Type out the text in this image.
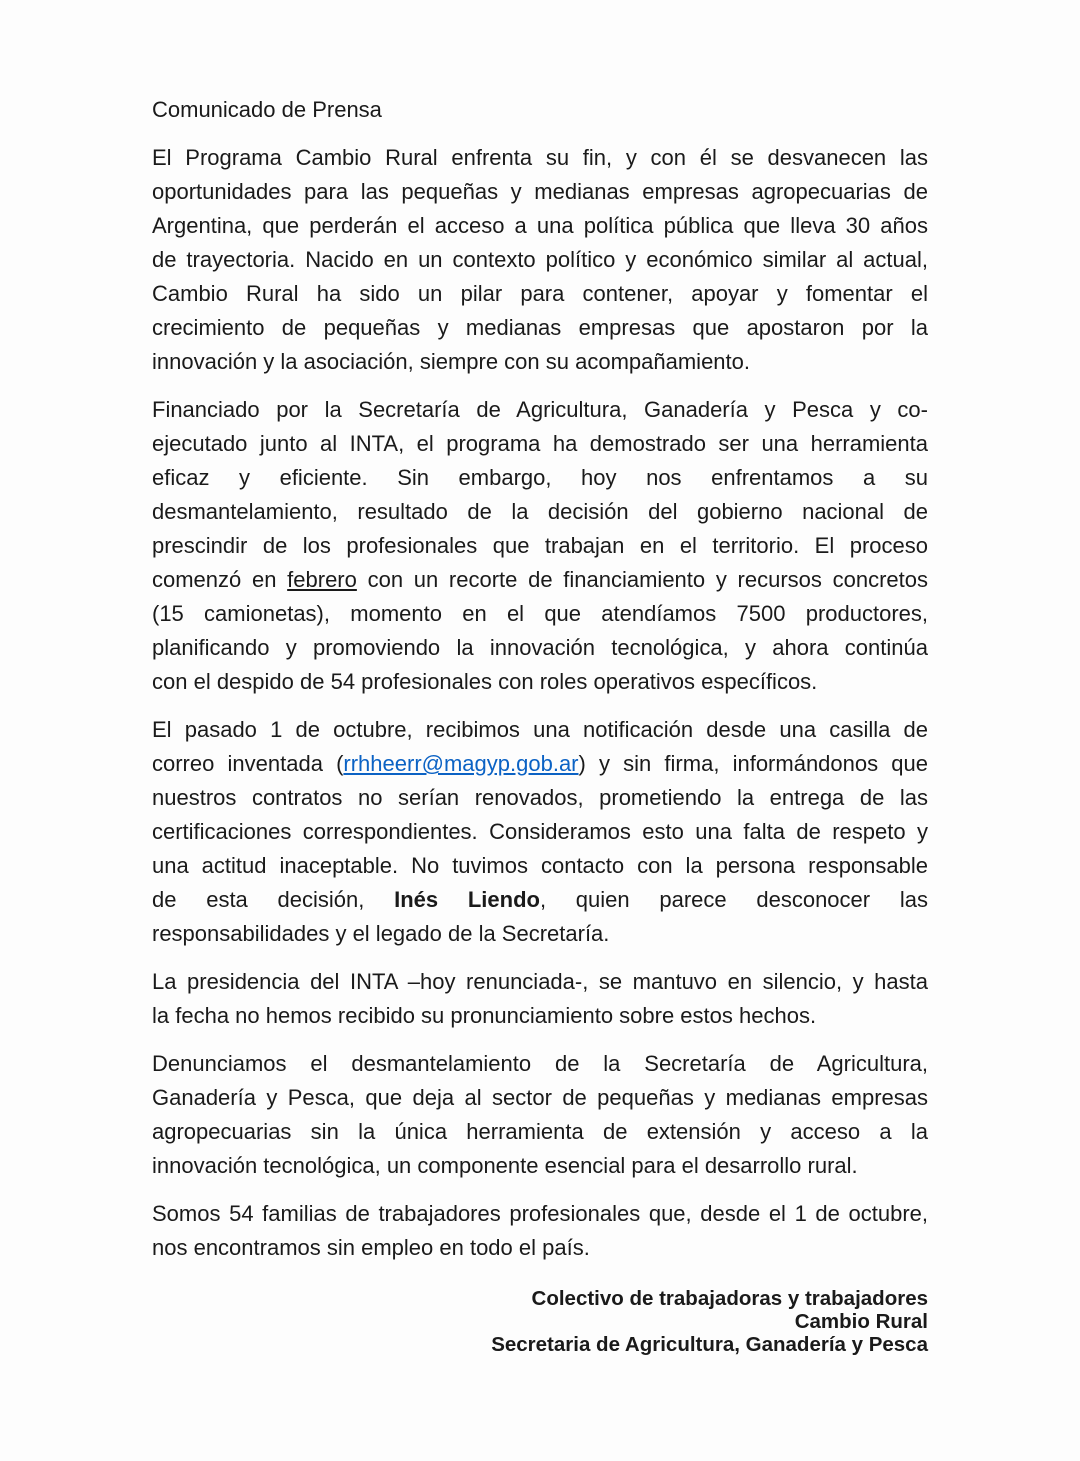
Comunicado de Prensa

El Programa Cambio Rural enfrenta su fin, y con él se desvanecen las
oportunidades para las pequeñas y medianas empresas agropecuarias de
Argentina, que perderán el acceso a una política pública que lleva 30 años
de trayectoria. Nacido en un contexto político y económico similar al actual,
Cambio Rural ha sido un pilar para contener, apoyar y fomentar el
crecimiento de pequeñas y medianas empresas que apostaron por la
innovación y la asociación, siempre con su acompañamiento.
Financiado por la Secretaría de Agricultura, Ganadería y Pesca y co-
ejecutado junto al INTA, el programa ha demostrado ser una herramienta
eficaz y eficiente. Sin embargo, hoy nos enfrentamos a su
desmantelamiento, resultado de la decisión del gobierno nacional de
prescindir de los profesionales que trabajan en el territorio. El proceso
comenzó en febrero con un recorte de financiamiento y recursos concretos
(15 camionetas), momento en el que atendíamos 7500 productores,
planificando y promoviendo la innovación tecnológica, y ahora continúa
con el despido de 54 profesionales con roles operativos específicos.
El pasado 1 de octubre, recibimos una notificación desde una casilla de
correo inventada (rrhheerr@magyp.gob.ar) y sin firma, informándonos que
nuestros contratos no serían renovados, prometiendo la entrega de las
certificaciones correspondientes. Consideramos esto una falta de respeto y
una actitud inaceptable. No tuvimos contacto con la persona responsable
de esta decisión, Inés Liendo, quien parece desconocer las
responsabilidades y el legado de la Secretaría.
La presidencia del INTA –hoy renunciada-, se mantuvo en silencio, y hasta
la fecha no hemos recibido su pronunciamiento sobre estos hechos.
Denunciamos el desmantelamiento de la Secretaría de Agricultura,
Ganadería y Pesca, que deja al sector de pequeñas y medianas empresas
agropecuarias sin la única herramienta de extensión y acceso a la
innovación tecnológica, un componente esencial para el desarrollo rural.
Somos 54 familias de trabajadores profesionales que, desde el 1 de octubre,
nos encontramos sin empleo en todo el país.
Colectivo de trabajadoras y trabajadores
Cambio Rural
Secretaria de Agricultura, Ganadería y Pesca
